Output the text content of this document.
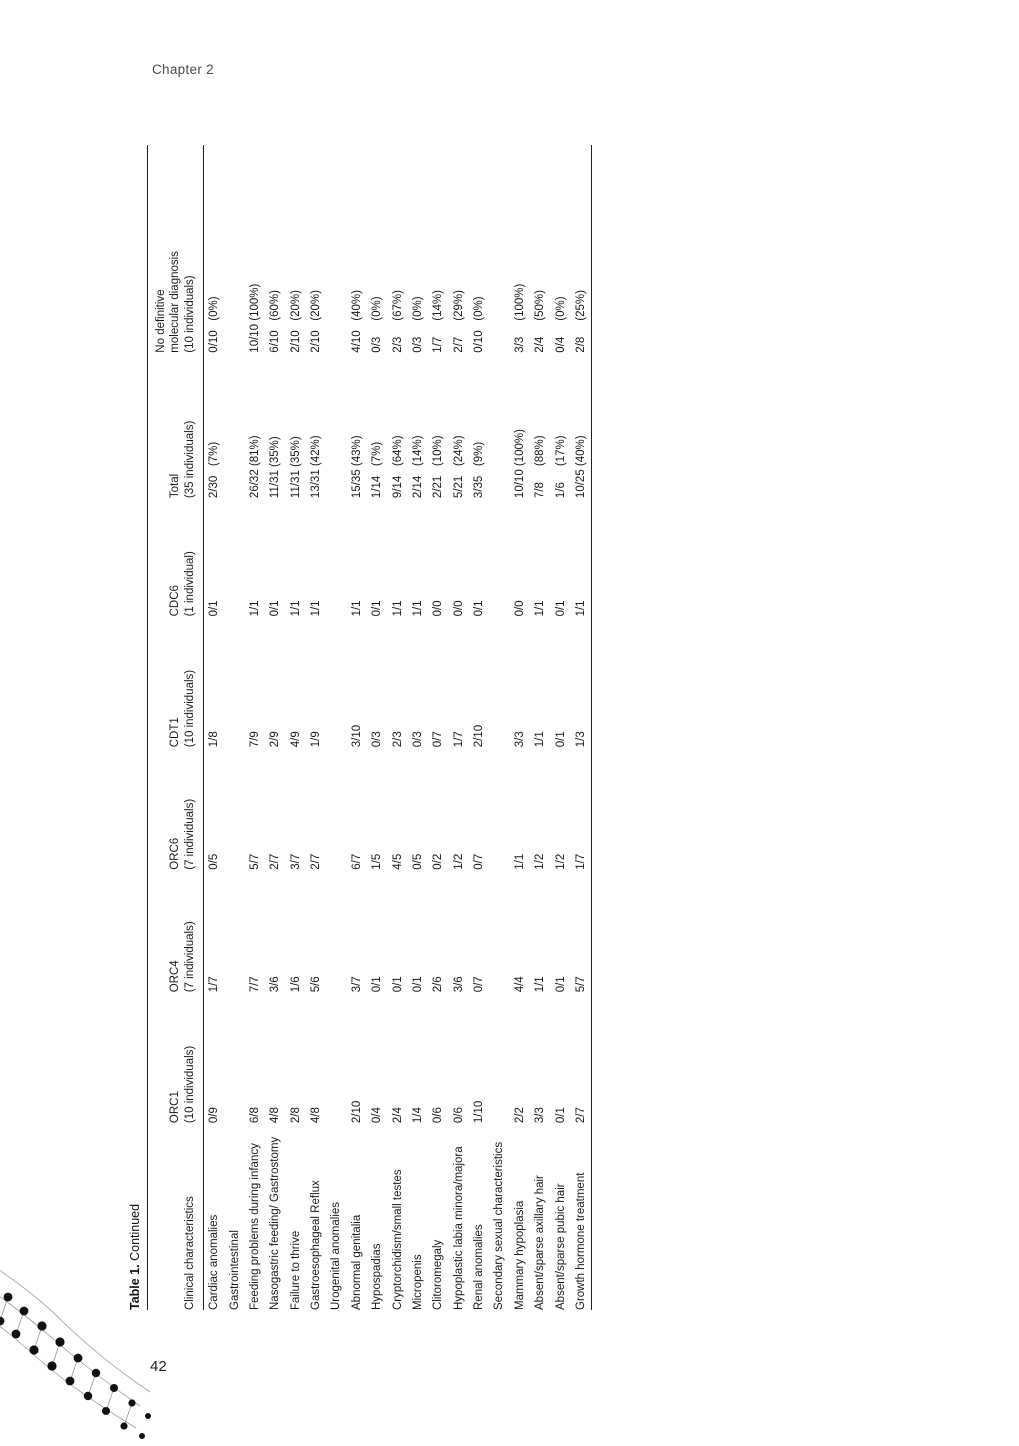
Chapter 2
Table 1. Continued	Clinical characteristics	ORC1 (10 individuals)	ORC4 (7 individuals)	ORC6 (7 individuals)	CDT1 (10 individuals)	CDC6 (1 individual)	Total (35 individuals)	No definitive molecular diagnosis (10 individuals)

Cardiac anomalies	0/9	1/7	0/5	1/8	0/1	2/30   (7%)	0/10   (0%)
Gastrointestinal							
Feeding problems during infancy	6/8	7/7	5/7	7/9	1/1	26/32 (81%)	10/10 (100%)
Nasogastric feeding/ Gastrostomy	4/8	3/6	2/7	2/9	0/1	11/31 (35%)	6/10   (60%)
Failure to thrive	2/8	1/6	3/7	4/9	1/1	11/31 (35%)	2/10   (20%)
Gastroesophageal Reflux	4/8	5/6	2/7	1/9	1/1	13/31 (42%)	2/10   (20%)
Urogenital anomalies							
Abnormal genitalia	2/10	3/7	6/7	3/10	1/1	15/35 (43%)	4/10   (40%)
Hypospadias	0/4	0/1	1/5	0/3	0/1	1/14   (7%)	0/3     (0%)
Cryptorchidism/small testes	2/4	0/1	4/5	2/3	1/1	9/14   (64%)	2/3     (67%)
Micropenis	1/4	0/1	0/5	0/3	1/1	2/14   (14%)	0/3     (0%)
Clitoromegaly	0/6	2/6	0/2	0/7	0/0	2/21   (10%)	1/7     (14%)
Hypoplastic labia minora/majora	0/6	3/6	1/2	1/7	0/0	5/21   (24%)	2/7     (29%)
Renal anomalies	1/10	0/7	0/7	2/10	0/1	3/35   (9%)	0/10   (0%)
Secondary sexual characteristics							
Mammary hypoplasia	2/2	4/4	1/1	3/3	0/0	10/10 (100%)	3/3     (100%)
Absent/sparse axillary hair	3/3	1/1	1/2	1/1	1/1	7/8     (88%)	2/4     (50%)
Absent/sparse pubic hair	0/1	0/1	1/2	0/1	0/1	1/6     (17%)	0/4     (0%)
Growth hormone treatment	2/7	5/7	1/7	1/3	1/1	10/25 (40%)	2/8     (25%)

42
